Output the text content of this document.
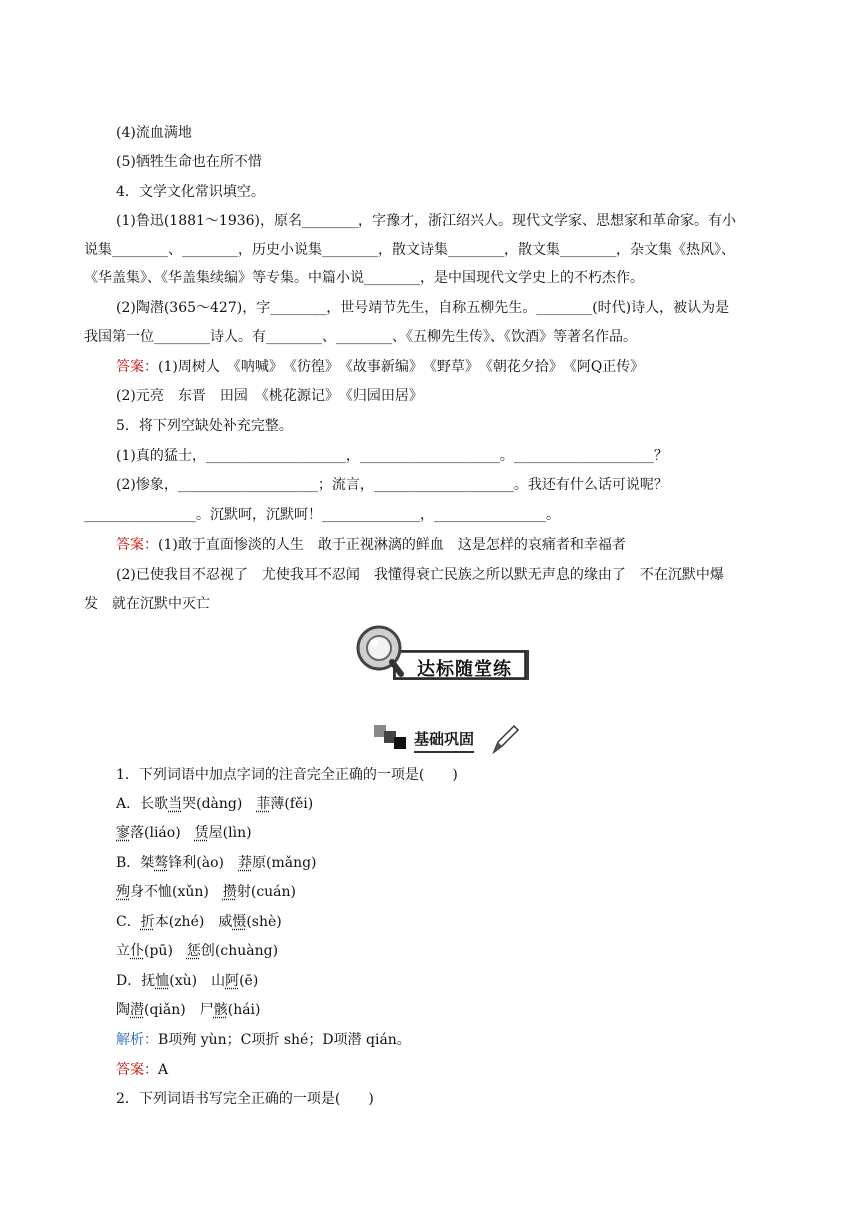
(4)流血满地
(5)牺牲生命也在所不惜
4．文学文化常识填空。
(1)鲁迅(1881～1936)，原名________，字豫才，浙江绍兴人。现代文学家、思想家和革命家。有小
说集________、________，历史小说集________，散文诗集________，散文集________，杂文集《热风》、
《华盖集》、《华盖集续编》等专集。中篇小说________，是中国现代文学史上的不朽杰作。
(2)陶潜(365～427)，字________，世号靖节先生，自称五柳先生。________(时代)诗人，被认为是
我国第一位________诗人。有________、________、《五柳先生传》、《饮酒》等著名作品。
答案：(1)周树人　《呐喊》　《彷徨》　《故事新编》　《野草》　《朝花夕拾》　《阿Q正传》
(2)元亮　东晋　田园　《桃花源记》　《归园田居》
5．将下列空缺处补充完整。
(1)真的猛士，____________________，____________________。____________________？
(2)惨象，____________________；流言，____________________。我还有什么话可说呢？
________________。沉默呵，沉默呵！______________，________________。
答案：(1)敢于直面惨淡的人生　敢于正视淋漓的鲜血　这是怎样的哀痛者和幸福者
(2)已使我目不忍视了　尤使我耳不忍闻　我懂得衰亡民族之所以默无声息的缘由了　不在沉默中爆
发　就在沉默中灭亡
达标随堂练
基础巩固
1．下列词语中加点字词的注音完全正确的一项是(　　)
A．长歌当哭(dàng)　菲薄(fěi)
寥落(liáo)　赁屋(lìn)
B．桀骜锋利(ào)　莽原(mǎng)
殉身不恤(xǔn)　攒射(cuán)
C．折本(zhé)　威慑(shè)
立仆(pū)　惩创(chuàng)
D．抚恤(xù)　山阿(ē)
陶潜(qiǎn)　尸骸(hái)
解析：B项殉 yùn；C项折 shé；D项潜 qián。
答案：A
2．下列词语书写完全正确的一项是(　　)
